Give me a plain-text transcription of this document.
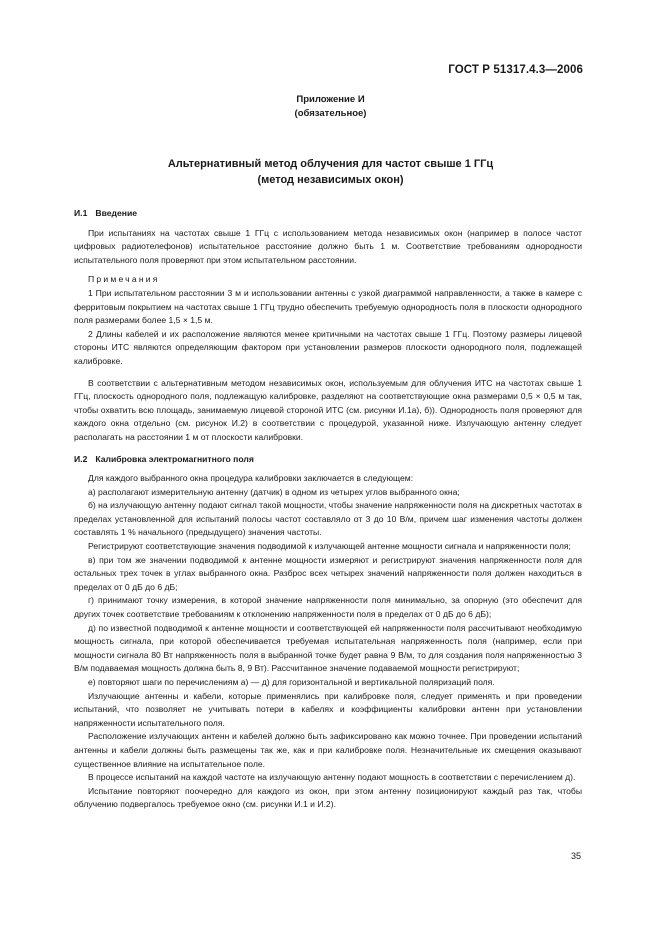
ГОСТ Р 51317.4.3—2006
Приложение И
(обязательное)
Альтернативный метод облучения для частот свыше 1 ГГц
(метод независимых окон)

И.1 Введение

При испытаниях на частотах свыше 1 ГГц с использованием метода независимых окон (например в полосе частот цифровых радиотелефонов) испытательное расстояние должно быть 1 м. Соответствие требованиям однородности испытательного поля проверяют при этом испытательном расстоянии.

Примечания

1 При испытательном расстоянии 3 м и использовании антенны с узкой диаграммой направленности, а также в камере с ферритовым покрытием на частотах свыше 1 ГГц трудно обеспечить требуемую однородность поля в плоскости однородного поля размерами более 1,5 × 1,5 м.

2 Длины кабелей и их расположение являются менее критичными на частотах свыше 1 ГГц. Поэтому размеры лицевой стороны ИТС являются определяющим фактором при установлении размеров плоскости однородного поля, подлежащей калибровке.

В соответствии с альтернативным методом независимых окон, используемым для облучения ИТС на частотах свыше 1 ГГц, плоскость однородного поля, подлежащую калибровке, разделяют на соответствующие окна размерами 0,5 × 0,5 м так, чтобы охватить всю площадь, занимаемую лицевой стороной ИТС (см. рисунки И.1а), б)). Однородность поля проверяют для каждого окна отдельно (см. рисунок И.2) в соответствии с процедурой, указанной ниже. Излучающую антенну следует располагать на расстоянии 1 м от плоскости калибровки.

И.2 Калибровка электромагнитного поля

Для каждого выбранного окна процедура калибровки заключается в следующем:

а) располагают измерительную антенну (датчик) в одном из четырех углов выбранного окна;

б) на излучающую антенну подают сигнал такой мощности, чтобы значение напряженности поля на дискретных частотах в пределах установленной для испытаний полосы частот составляло от 3 до 10 В/м, причем шаг изменения частоты должен составлять 1 % начального (предыдущего) значения частоты.

Регистрируют соответствующие значения подводимой к излучающей антенне мощности сигнала и напряженности поля;

в) при том же значении подводимой к антенне мощности измеряют и регистрируют значения напряженности поля для остальных трех точек в углах выбранного окна. Разброс всех четырех значений напряженности поля должен находиться в пределах от 0 дБ до 6 дБ;

г) принимают точку измерения, в которой значение напряженности поля минимально, за опорную (это обеспечит для других точек соответствие требованиям к отклонению напряженности поля в пределах от 0 дБ до 6 дБ);

д) по известной подводимой к антенне мощности и соответствующей ей напряженности поля рассчитывают необходимую мощность сигнала, при которой обеспечивается требуемая испытательная напряженность поля (например, если при мощности сигнала 80 Вт напряженность поля в выбранной точке будет равна 9 В/м, то для создания поля напряженностью 3 В/м подаваемая мощность должна быть 8, 9 Вт). Рассчитанное значение подаваемой мощности регистрируют;

е) повторяют шаги по перечислениям а) — д) для горизонтальной и вертикальной поляризаций поля.

Излучающие антенны и кабели, которые применялись при калибровке поля, следует применять и при проведении испытаний, что позволяет не учитывать потери в кабелях и коэффициенты калибровки антенн при установлении напряженности испытательного поля.

Расположение излучающих антенн и кабелей должно быть зафиксировано как можно точнее. При проведении испытаний антенны и кабели должны быть размещены так же, как и при калибровке поля. Незначительные их смещения оказывают существенное влияние на испытательное поле.

В процессе испытаний на каждой частоте на излучающую антенну подают мощность в соответствии с перечислением д).

Испытание повторяют поочередно для каждого из окон, при этом антенну позиционируют каждый раз так, чтобы облучению подвергалось требуемое окно (см. рисунки И.1 и И.2).

35
